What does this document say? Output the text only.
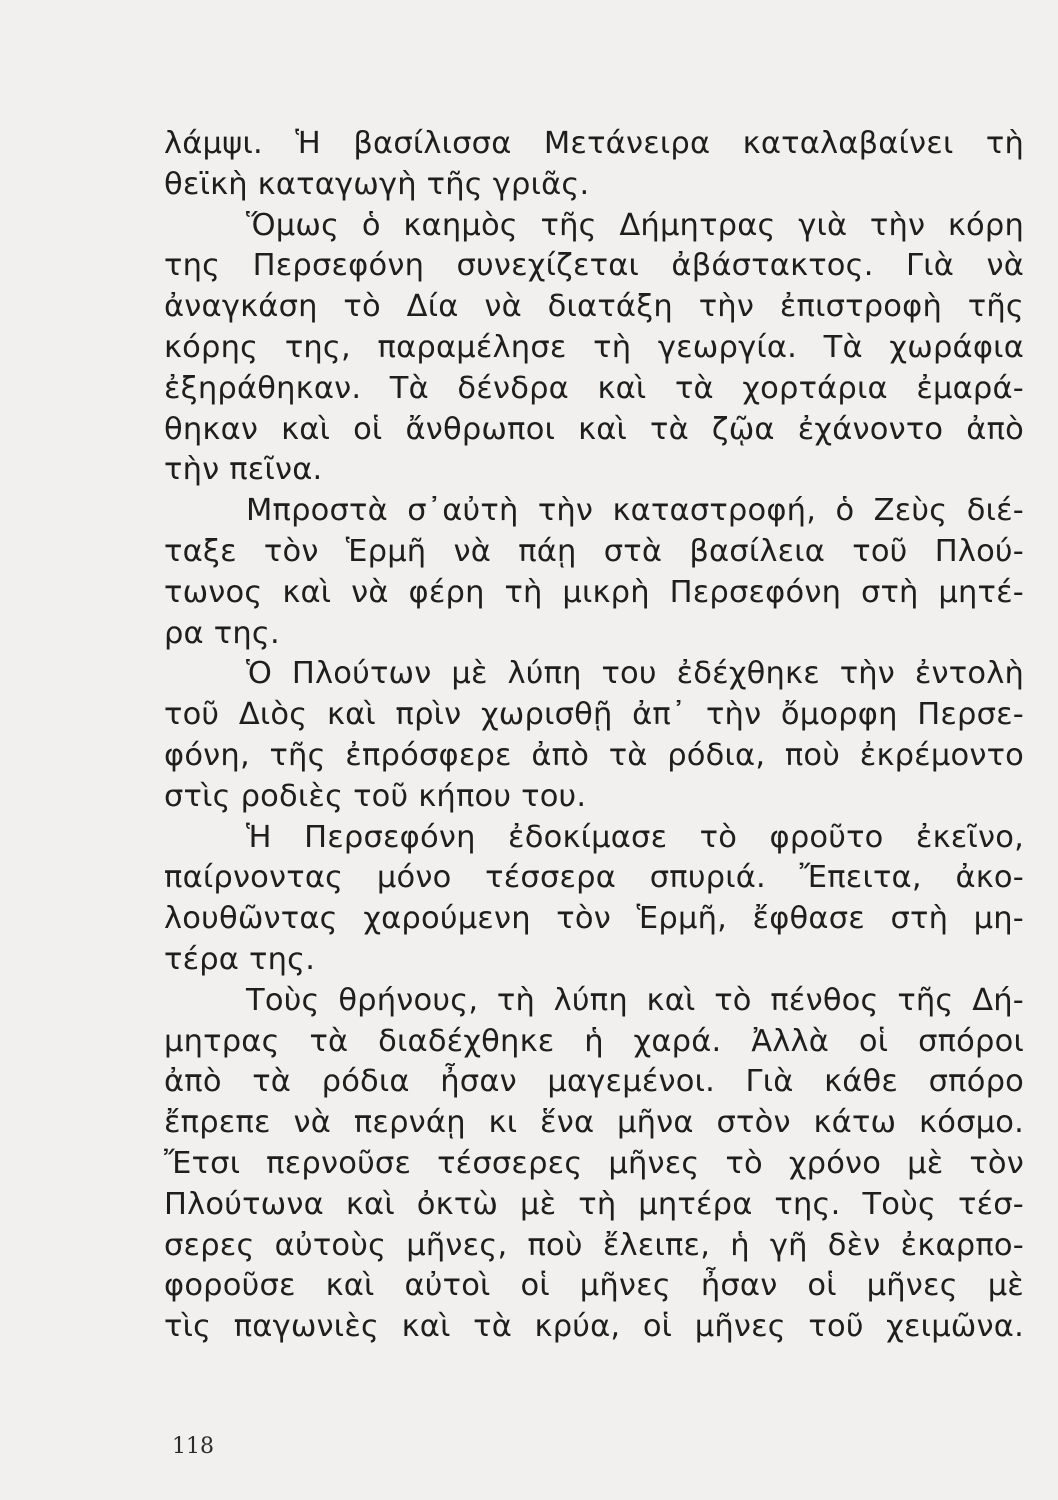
λάμψι. Ἡ βασίλισσα Μετάνειρα καταλαβαίνει τὴ
θεϊκὴ καταγωγὴ τῆς γριᾶς.
Ὅμως ὁ καημὸς τῆς Δήμητρας γιὰ τὴν κόρη
της Περσεφόνη συνεχίζεται ἀβάστακτος. Γιὰ νὰ
ἀναγκάση τὸ Δία νὰ διατάξη τὴν ἐπιστροφὴ τῆς
κόρης της, παραμέλησε τὴ γεωργία. Τὰ χωράφια
ἐξηράθηκαν. Τὰ δένδρα καὶ τὰ χορτάρια ἐμαρά-
θηκαν καὶ οἱ ἄνθρωποι καὶ τὰ ζῷα ἐχάνοντο ἀπὸ
τὴν πεῖνα.
Μπροστὰ σ᾽αὐτὴ τὴν καταστροφή, ὁ Ζεὺς διέ-
ταξε τὸν Ἑρμῆ νὰ πάῃ στὰ βασίλεια τοῦ Πλού-
τωνος καὶ νὰ φέρη τὴ μικρὴ Περσεφόνη στὴ μητέ-
ρα της.
Ὁ Πλούτων μὲ λύπη του ἐδέχθηκε τὴν ἐντολὴ
τοῦ Διὸς καὶ πρὶν χωρισθῇ ἀπ᾽ τὴν ὄμορφη Περσε-
φόνη, τῆς ἐπρόσφερε ἀπὸ τὰ ρόδια, ποὺ ἐκρέμοντο
στὶς ροδιὲς τοῦ κήπου του.
Ἡ Περσεφόνη ἐδοκίμασε τὸ φροῦτο ἐκεῖνο,
παίρνοντας μόνο τέσσερα σπυριά. Ἔπειτα, ἀκο-
λουθῶντας χαρούμενη τὸν Ἑρμῆ, ἔφθασε στὴ μη-
τέρα της.
Τοὺς θρήνους, τὴ λύπη καὶ τὸ πένθος τῆς Δή-
μητρας τὰ διαδέχθηκε ἡ χαρά. Ἀλλὰ οἱ σπόροι
ἀπὸ τὰ ρόδια ἦσαν μαγεμένοι. Γιὰ κάθε σπόρο
ἔπρεπε νὰ περνάῃ κι ἕνα μῆνα στὸν κάτω κόσμο.
Ἔτσι περνοῦσε τέσσερες μῆνες τὸ χρόνο μὲ τὸν
Πλούτωνα καὶ ὀκτὼ μὲ τὴ μητέρα της. Τοὺς τέσ-
σερες αὐτοὺς μῆνες, ποὺ ἔλειπε, ἡ γῆ δὲν ἐκαρπο-
φοροῦσε καὶ αὐτοὶ οἱ μῆνες ἦσαν οἱ μῆνες μὲ
τὶς παγωνιὲς καὶ τὰ κρύα, οἱ μῆνες τοῦ χειμῶνα.
118
